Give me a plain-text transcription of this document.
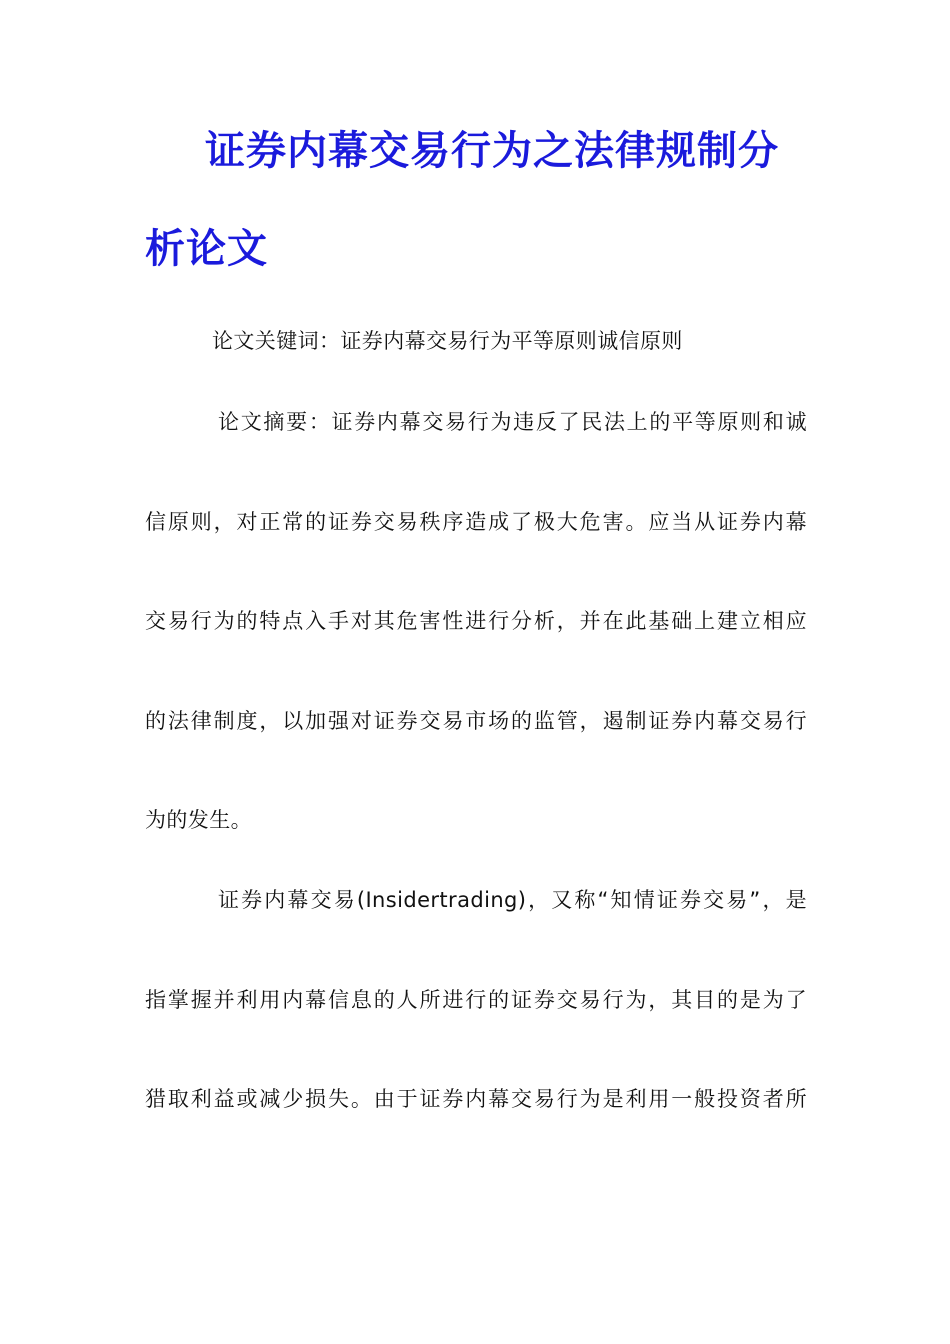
证券内幕交易行为之法律规制分
析论文
论文关键词：证券内幕交易行为平等原则诚信原则
论文摘要：证券内幕交易行为违反了民法上的平等原则和诚
信原则，对正常的证券交易秩序造成了极大危害。应当从证券内幕
交易行为的特点入手对其危害性进行分析，并在此基础上建立相应
的法律制度，以加强对证券交易市场的监管，遏制证券内幕交易行
为的发生。
证券内幕交易(Insidertrading)，又称“知情证券交易”，是
指掌握并利用内幕信息的人所进行的证券交易行为，其目的是为了
猎取利益或减少损失。由于证券内幕交易行为是利用一般投资者所
